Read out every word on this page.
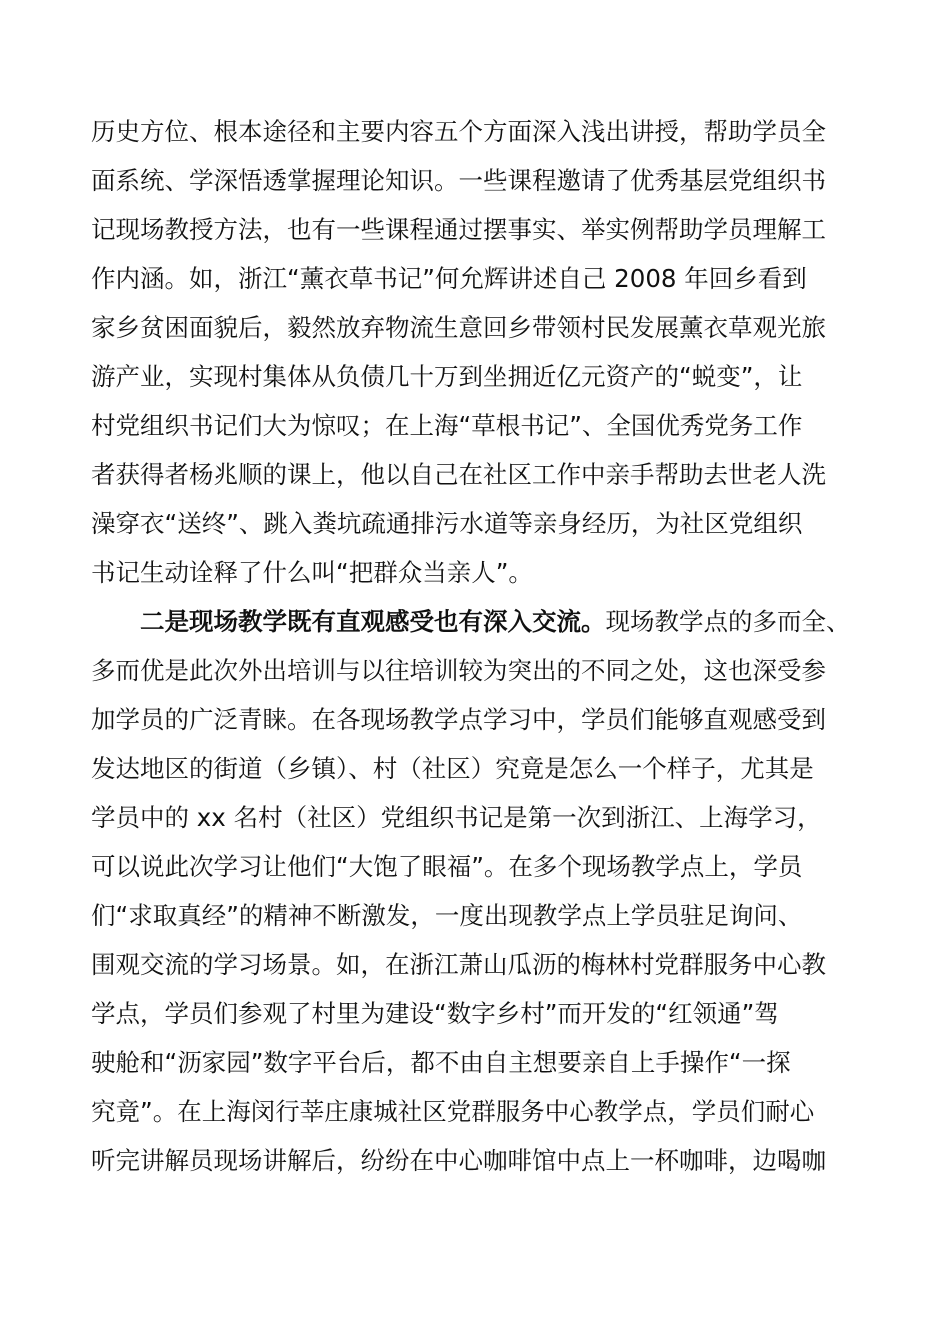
历史方位、根本途径和主要内容五个方面深入浅出讲授，帮助学员全
面系统、学深悟透掌握理论知识。一些课程邀请了优秀基层党组织书
记现场教授方法，也有一些课程通过摆事实、举实例帮助学员理解工
作内涵。如，浙江“薰衣草书记”何允辉讲述自己 2008 年回乡看到
家乡贫困面貌后，毅然放弃物流生意回乡带领村民发展薰衣草观光旅
游产业，实现村集体从负债几十万到坐拥近亿元资产的“蜕变”，让
村党组织书记们大为惊叹；在上海“草根书记”、全国优秀党务工作
者获得者杨兆顺的课上，他以自己在社区工作中亲手帮助去世老人洗
澡穿衣“送终”、跳入粪坑疏通排污水道等亲身经历，为社区党组织
书记生动诠释了什么叫“把群众当亲人”。
二是现场教学既有直观感受也有深入交流。现场教学点的多而全、
多而优是此次外出培训与以往培训较为突出的不同之处，这也深受参
加学员的广泛青睐。在各现场教学点学习中，学员们能够直观感受到
发达地区的街道（乡镇）、村（社区）究竟是怎么一个样子，尤其是
学员中的 xx 名村（社区）党组织书记是第一次到浙江、上海学习，
可以说此次学习让他们“大饱了眼福”。在多个现场教学点上，学员
们“求取真经”的精神不断激发，一度出现教学点上学员驻足询问、
围观交流的学习场景。如，在浙江萧山瓜沥的梅林村党群服务中心教
学点，学员们参观了村里为建设“数字乡村”而开发的“红领通”驾
驶舱和“沥家园”数字平台后，都不由自主想要亲自上手操作“一探
究竟”。在上海闵行莘庄康城社区党群服务中心教学点，学员们耐心
听完讲解员现场讲解后，纷纷在中心咖啡馆中点上一杯咖啡，边喝咖
